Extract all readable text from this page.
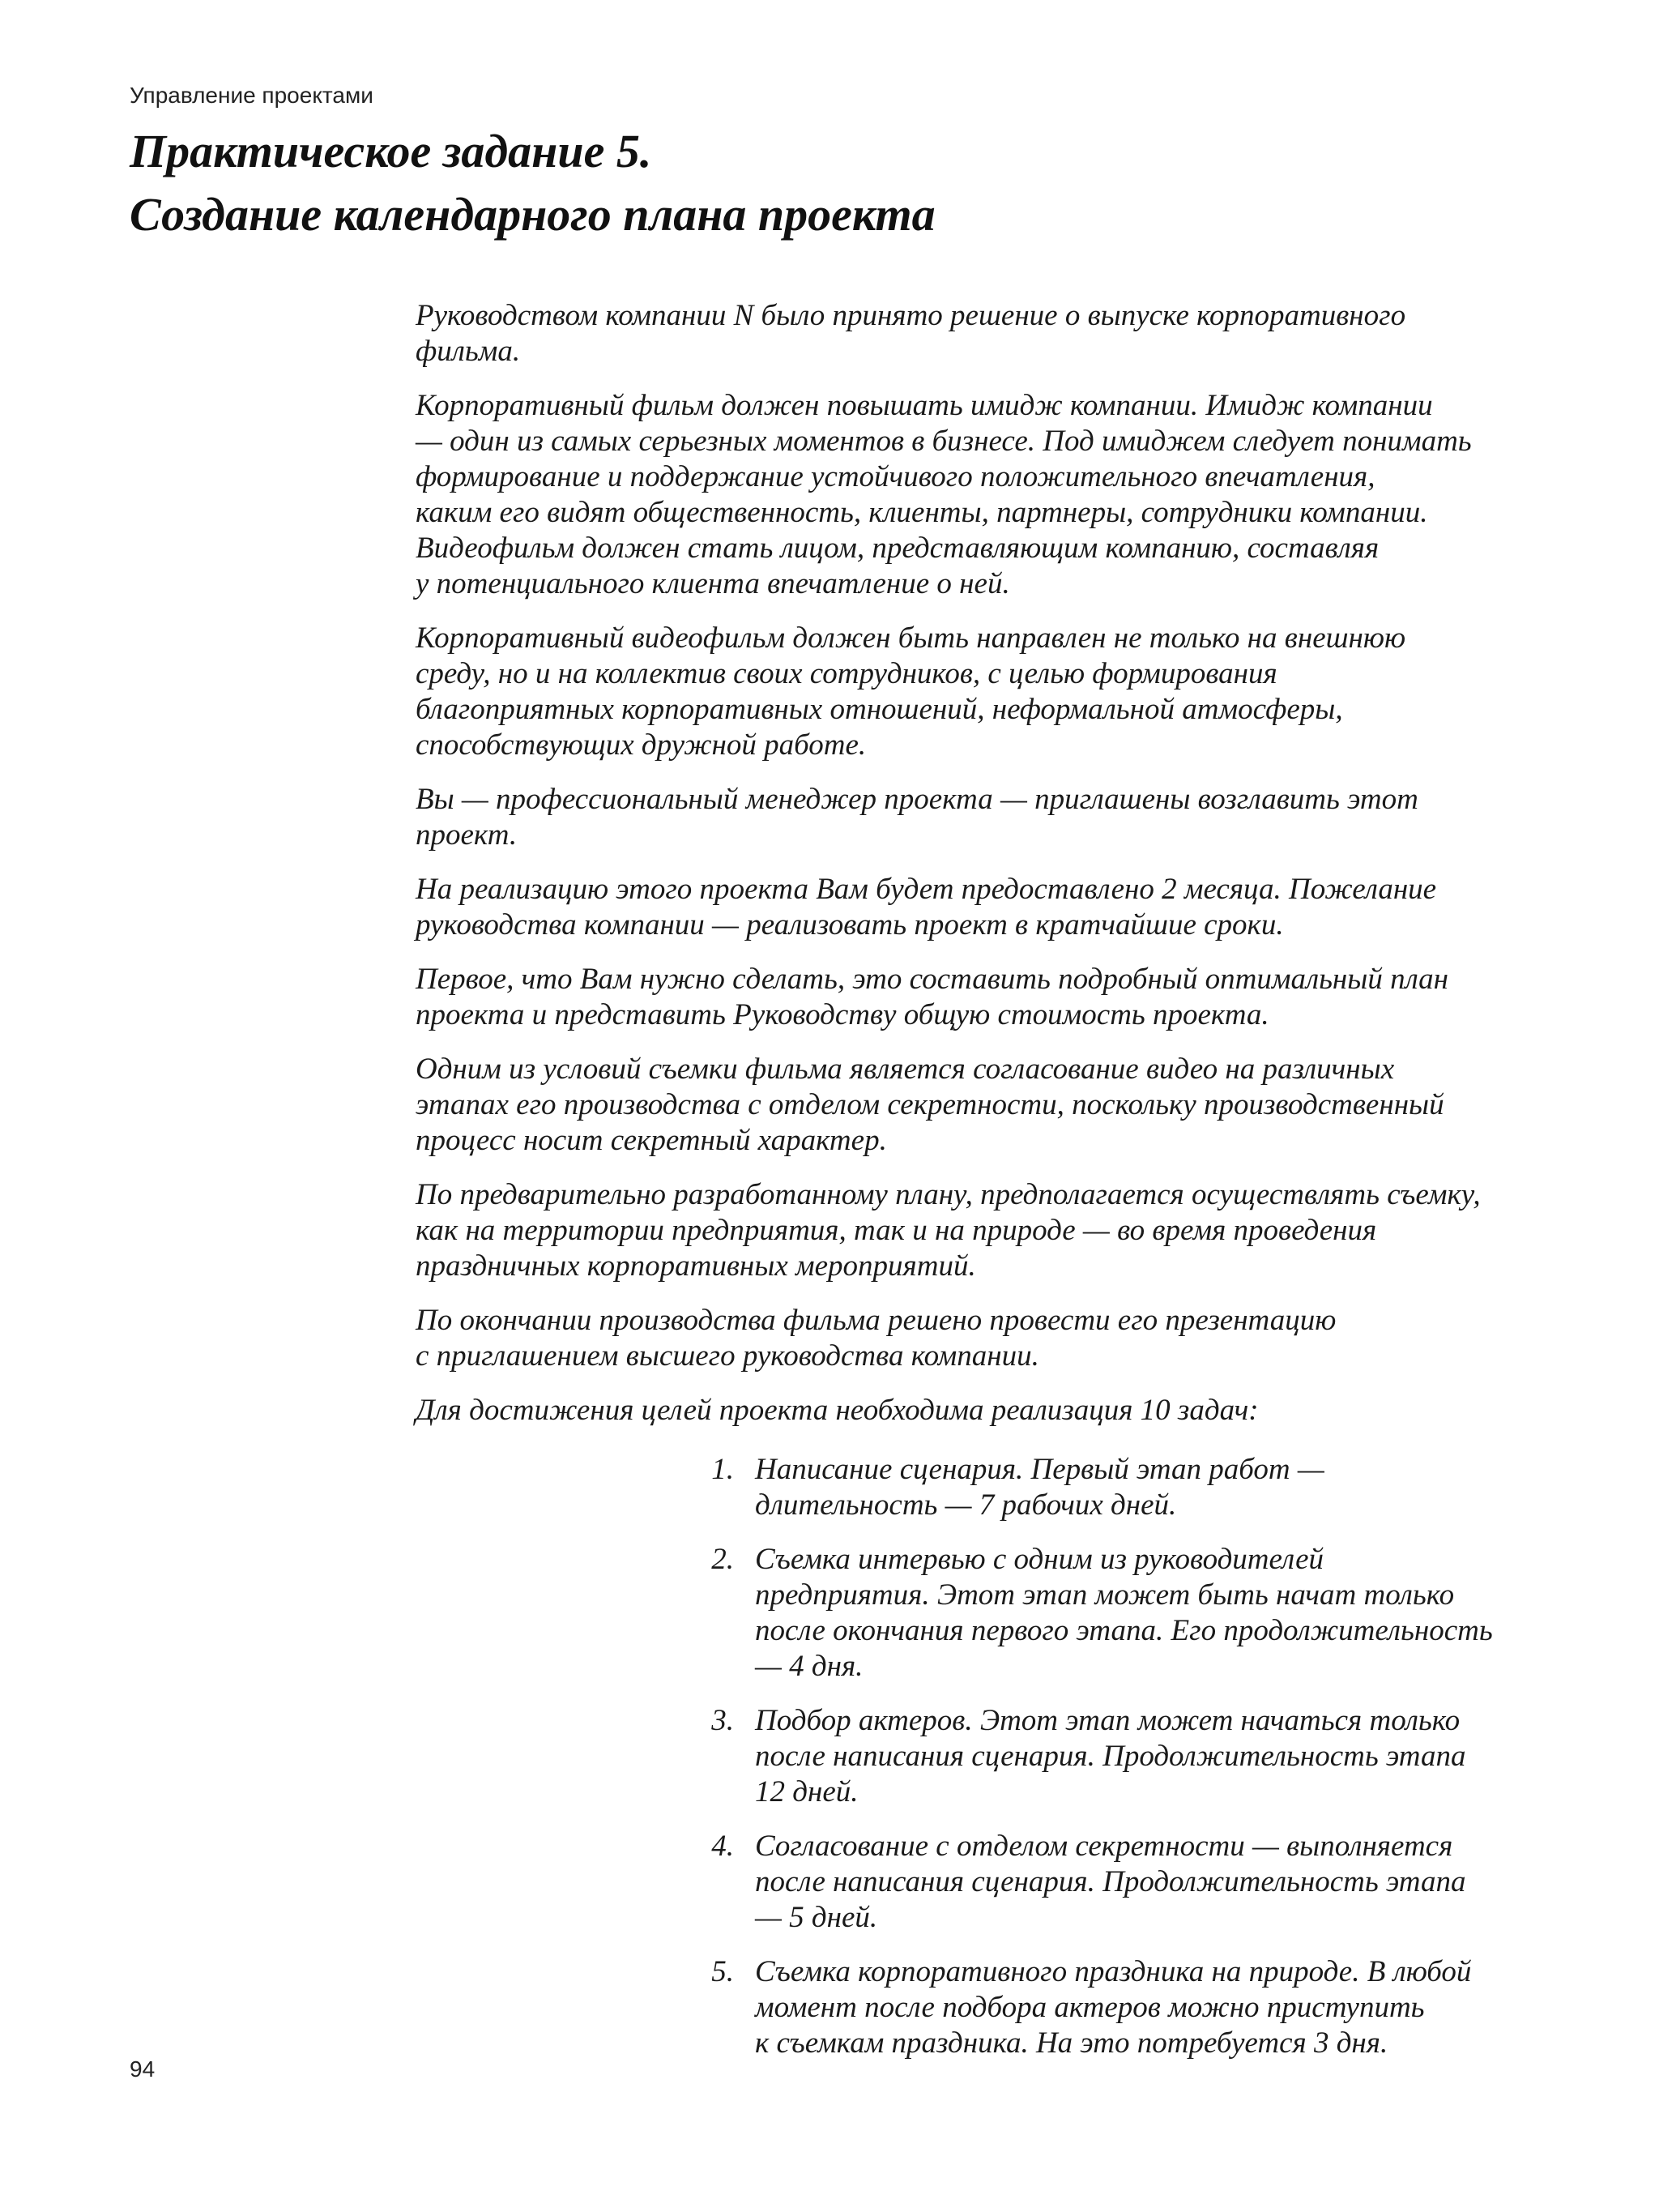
Управление проектами
Практическое задание 5.
Создание календарного плана проекта

Руководством компании N было принято решение о выпуске корпоративного
фильма.

Корпоративный фильм должен повышать имидж компании. Имидж компании
— один из самых серьезных моментов в бизнесе. Под имиджем следует понимать
формирование и поддержание устойчивого положительного впечатления,
каким его видят общественность, клиенты, партнеры, сотрудники компании.
Видеофильм должен стать лицом, представляющим компанию, составляя
у потенциального клиента впечатление о ней.

Корпоративный видеофильм должен быть направлен не только на внешнюю
среду, но и на коллектив своих сотрудников, с целью формирования
благоприятных корпоративных отношений, неформальной атмосферы,
способствующих дружной работе.

Вы — профессиональный менеджер проекта — приглашены возглавить этот
проект.

На реализацию этого проекта Вам будет предоставлено 2 месяца. Пожелание
руководства компании — реализовать проект в кратчайшие сроки.

Первое, что Вам нужно сделать, это составить подробный оптимальный план
проекта и представить Руководству общую стоимость проекта.

Одним из условий съемки фильма является согласование видео на различных
этапах его производства с отделом секретности, поскольку производственный
процесс носит секретный характер.

По предварительно разработанному плану, предполагается осуществлять съемку,
как на территории предприятия, так и на природе — во время проведения
праздничных корпоративных мероприятий.

По окончании производства фильма решено провести его презентацию
с приглашением высшего руководства компании.

Для достижения целей проекта необходима реализация 10 задач:

1. Написание сценария. Первый этап работ —
длительность — 7 рабочих дней.
2. Съемка интервью с одним из руководителей
предприятия. Этот этап может быть начат только
после окончания первого этапа. Его продолжительность
— 4 дня.
3. Подбор актеров. Этот этап может начаться только
после написания сценария. Продолжительность этапа
12 дней.
4. Согласование с отделом секретности — выполняется
после написания сценария. Продолжительность этапа
— 5 дней.
5. Съемка корпоративного праздника на природе. В любой
момент после подбора актеров можно приступить
к съемкам праздника. На это потребуется 3 дня.
94
